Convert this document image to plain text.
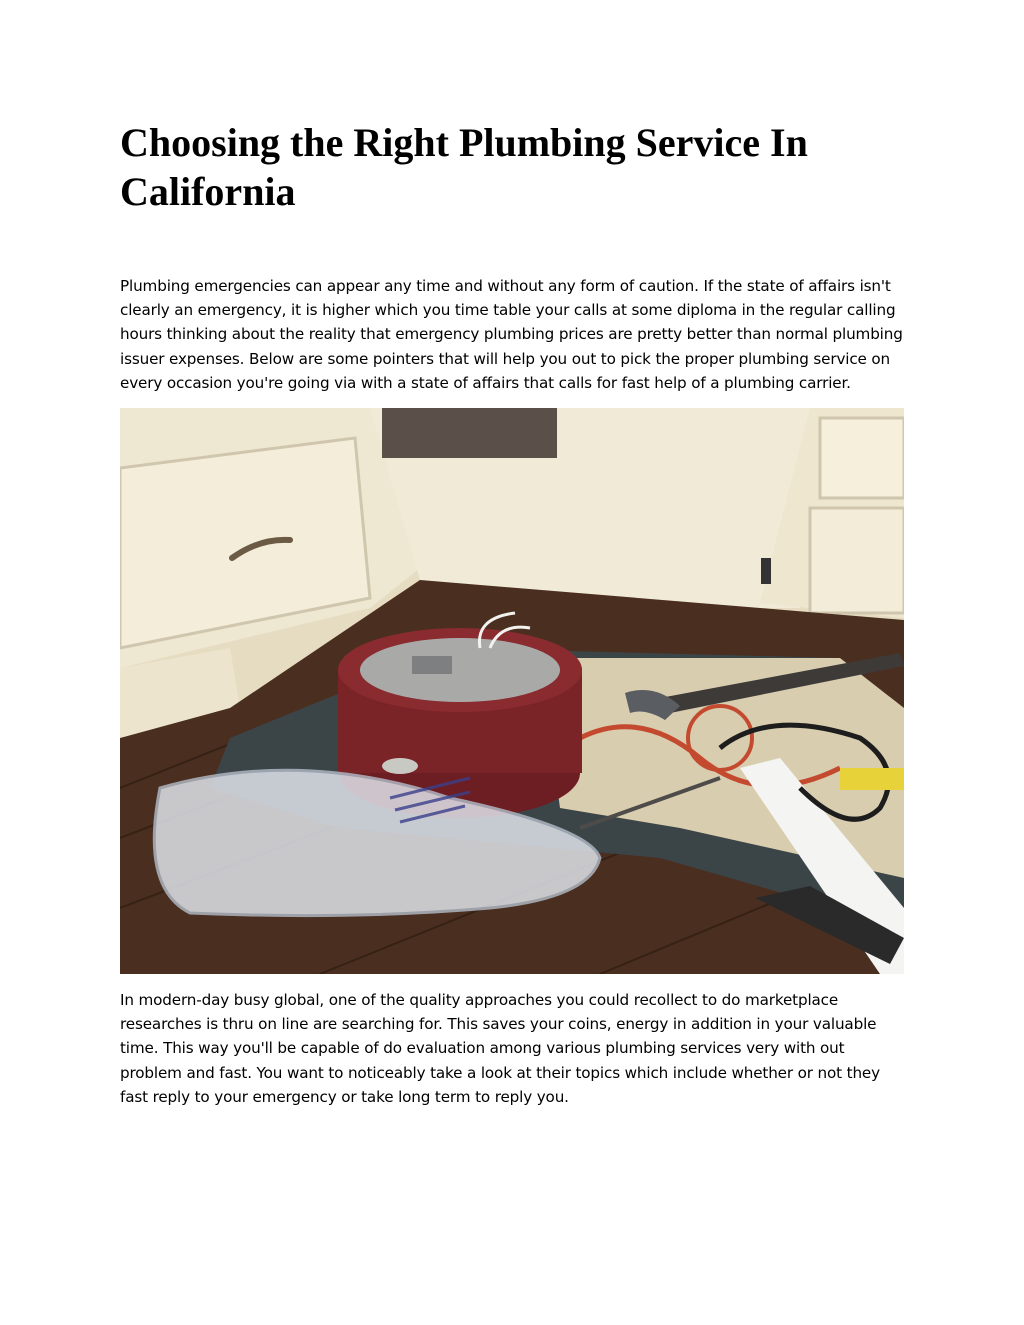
Choosing the Right Plumbing Service In California

Plumbing emergencies can appear any time and without any form of caution. If the state of affairs isn't clearly an emergency, it is higher which you time table your calls at some diploma in the regular calling hours thinking about the reality that emergency plumbing prices are pretty better than normal plumbing issuer expenses. Below are some pointers that will help you out to pick the proper plumbing service on every occasion you're going via with a state of affairs that calls for fast help of a plumbing carrier.

In modern-day busy global, one of the quality approaches you could recollect to do marketplace researches is thru on line are searching for. This saves your coins, energy in addition in your valuable time. This way you'll be capable of do evaluation among various plumbing services very with out problem and fast. You want to noticeably take a look at their topics which include whether or not they fast reply to your emergency or take long term to reply you.
